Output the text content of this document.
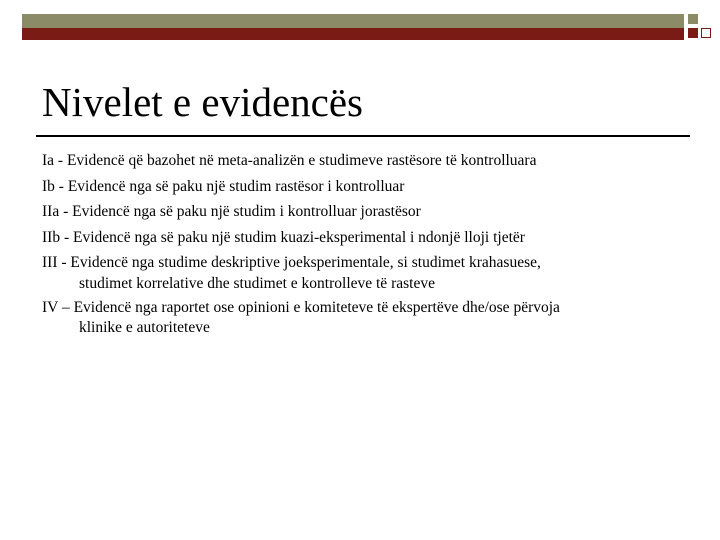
Nivelet e evidencës
Ia - Evidencë që bazohet në meta-analizën e studimeve rastësore të kontrolluara
Ib - Evidencë nga së paku një studim rastësor i kontrolluar
IIa - Evidencë nga së paku një studim i kontrolluar jorastësor
IIb - Evidencë nga së paku një studim kuazi-eksperimental i ndonjë lloji tjetër
III - Evidencë nga studime deskriptive joeksperimentale, si studimet krahasuese,
studimet korrelative dhe studimet e kontrolleve të rasteve
IV – Evidencë nga raportet ose opinioni e komiteteve të ekspertëve dhe/ose përvoja
klinike e autoriteteve
